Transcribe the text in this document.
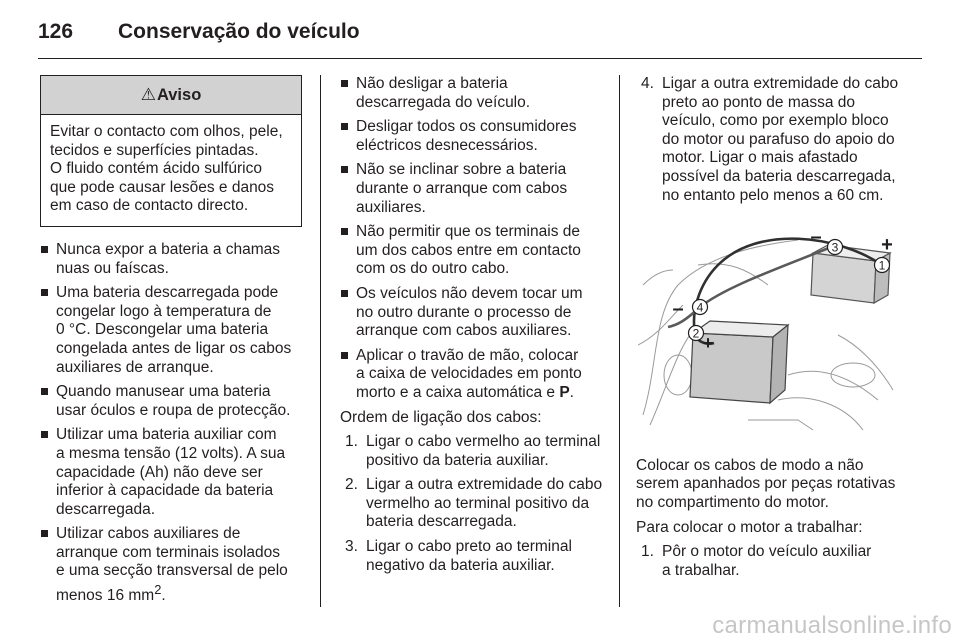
126 Conservação do veículo
⚠ Aviso
Evitar o contacto com olhos, pele,
tecidos e superfícies pintadas.
O fluido contém ácido sulfúrico
que pode causar lesões e danos
em caso de contacto directo.
Nunca expor a bateria a chamas
nuas ou faíscas.
Uma bateria descarregada pode
congelar logo à temperatura de
0 °C. Descongelar uma bateria
congelada antes de ligar os cabos
auxiliares de arranque.
Quando manusear uma bateria
usar óculos e roupa de protecção.
Utilizar uma bateria auxiliar com
a mesma tensão (12 volts). A sua
capacidade (Ah) não deve ser
inferior à capacidade da bateria
descarregada.
Utilizar cabos auxiliares de
arranque com terminais isolados
e uma secção transversal de pelo
menos 16 $mm^2$.
Não desligar a bateria
descarregada do veículo.
Desligar todos os consumidores
eléctricos desnecessários.
Não se inclinar sobre a bateria
durante o arranque com cabos
auxiliares.
Não permitir que os terminais de
um dos cabos entre em contacto
com os do outro cabo.
Os veículos não devem tocar um
no outro durante o processo de
arranque com cabos auxiliares.
Aplicar o travão de mão, colocar
a caixa de velocidades em ponto
morto e a caixa automática e P.

Ordem de ligação dos cabos:

1. Ligar o cabo vermelho ao terminal
positivo da bateria auxiliar.
2. Ligar a outra extremidade do cabo
vermelho ao terminal positivo da
bateria descarregada.
3. Ligar o cabo preto ao terminal
negativo da bateria auxiliar.
4. Ligar a outra extremidade do cabo
preto ao ponto de massa do
veículo, como por exemplo bloco
do motor ou parafuso do apoio do
motor. Ligar o mais afastado
possível da bateria descarregada,
no entanto pelo menos a 60 cm.
1
3
2
4
+
–
–
+

Colocar os cabos de modo a não
serem apanhados por peças rotativas
no compartimento do motor.

Para colocar o motor a trabalhar:

1. Pôr o motor do veículo auxiliar
a trabalhar.
carmanualsonline.info
